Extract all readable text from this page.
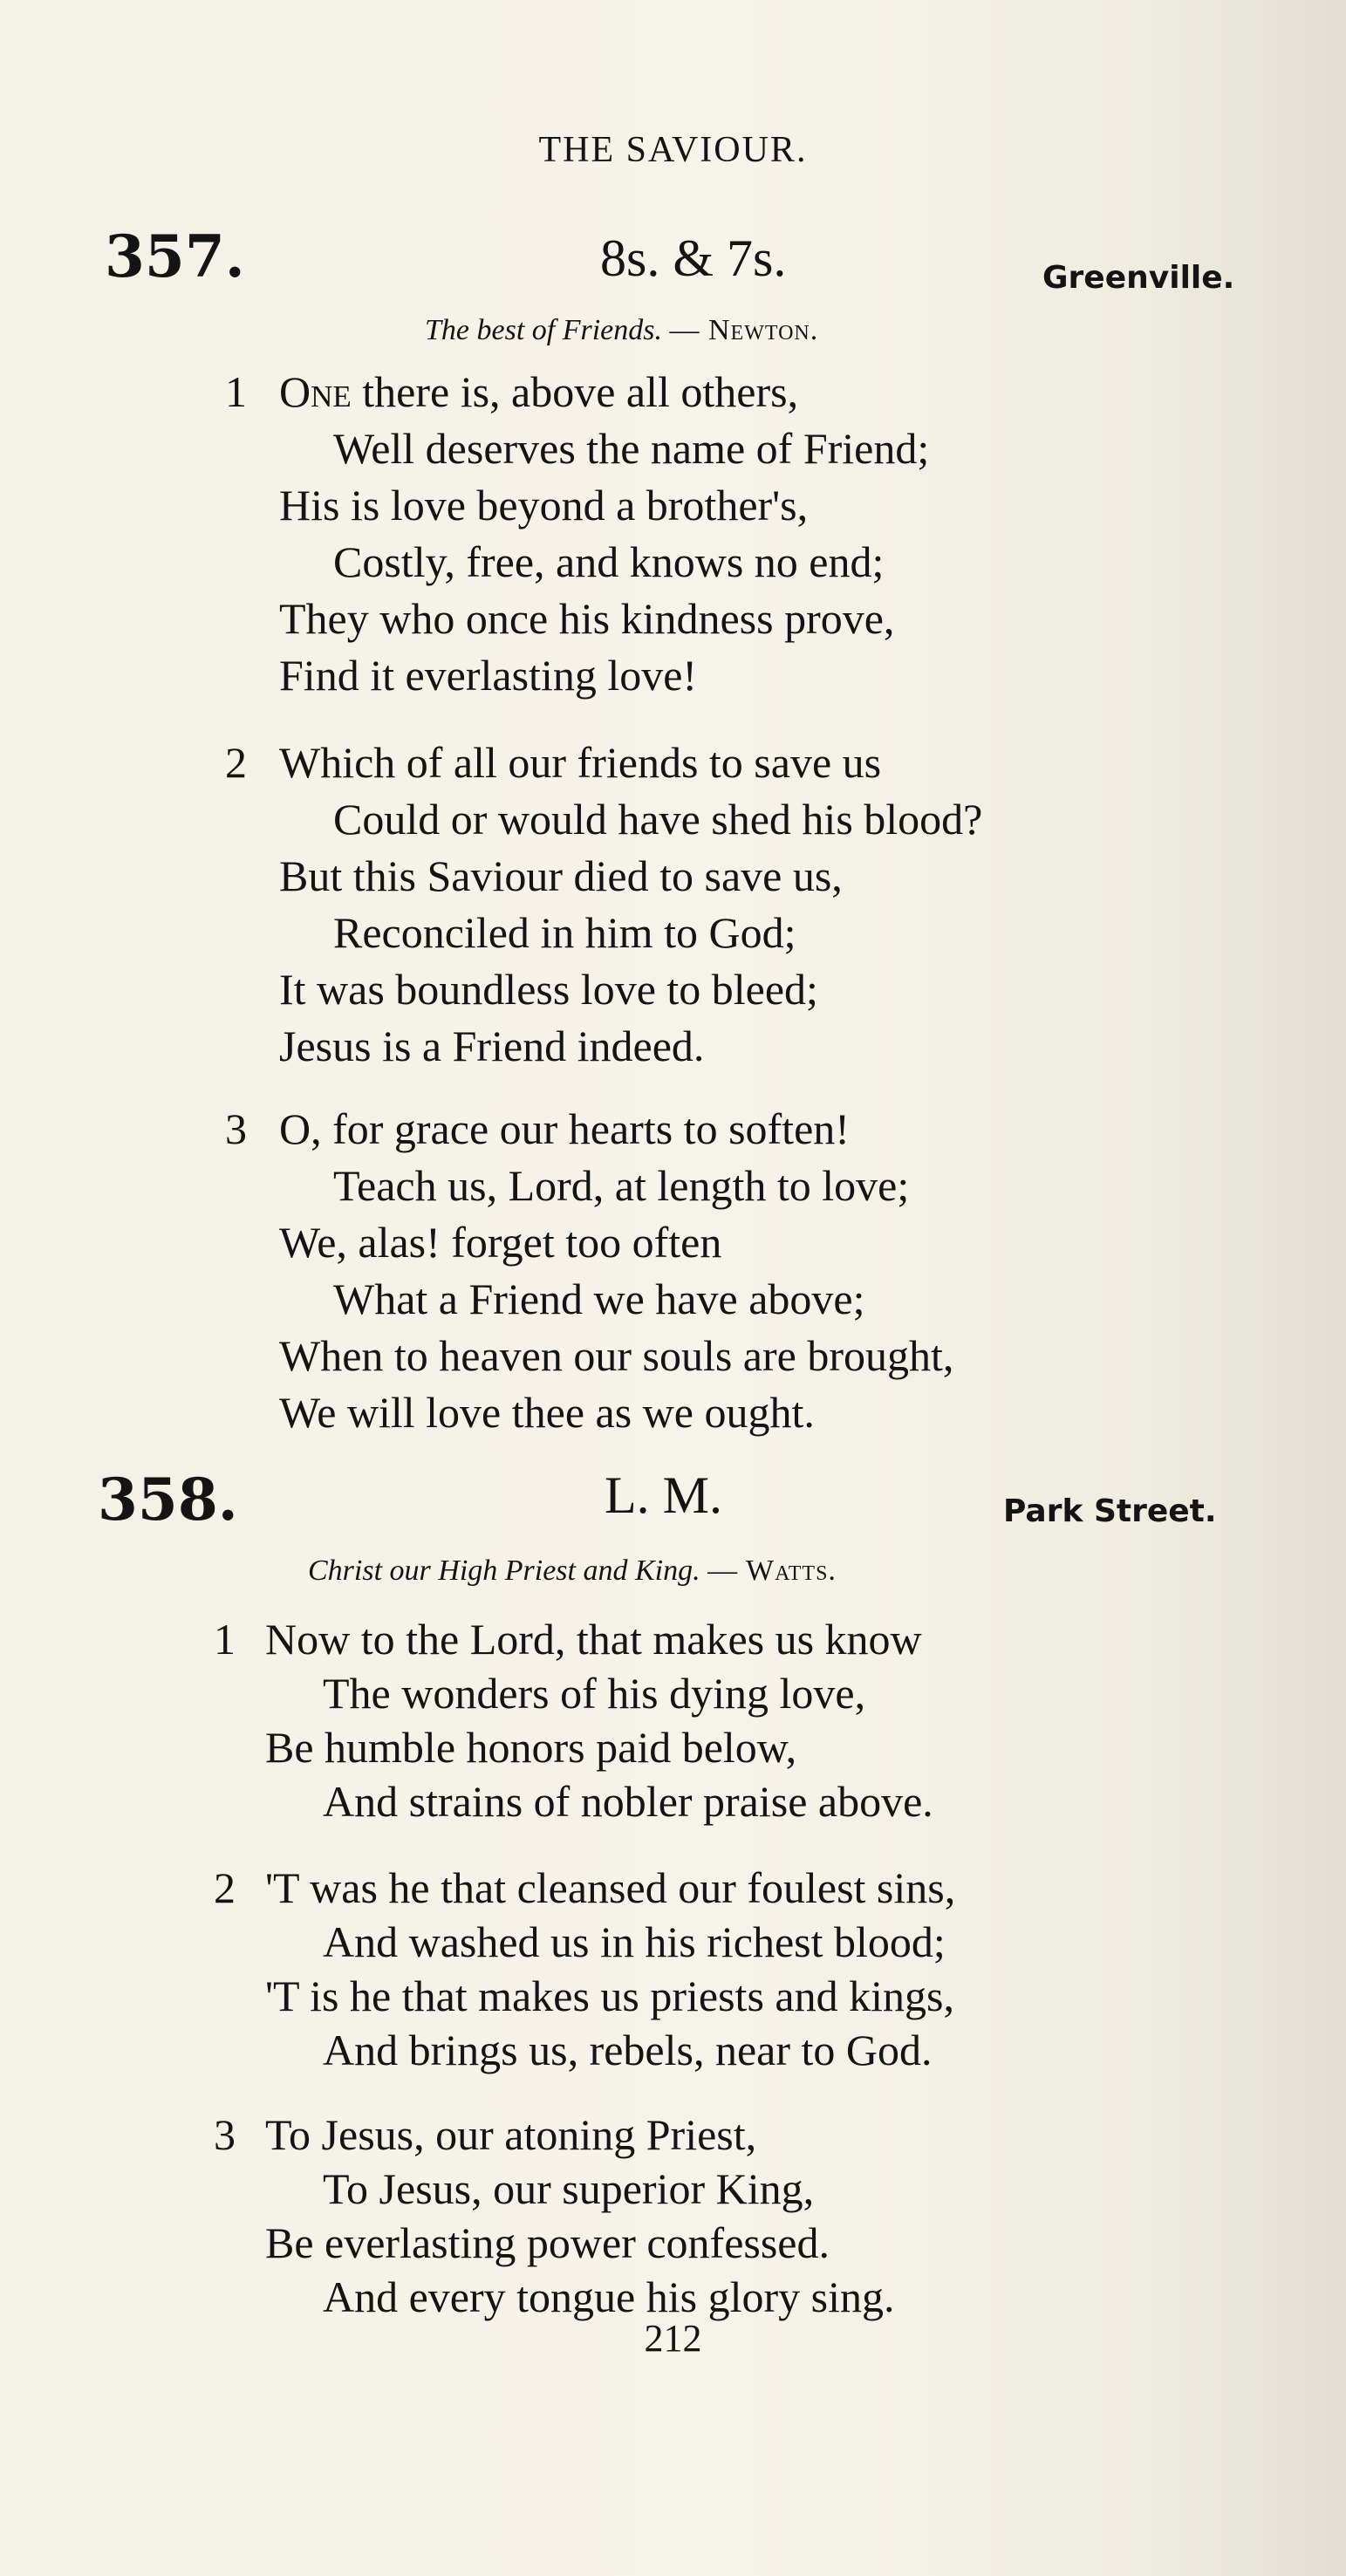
THE SAVIOUR.
357.	8s. & 7s.	Greenville.
The best of Friends. — Newton.
1 One there is, above all others,
Well deserves the name of Friend;
His is love beyond a brother's,
Costly, free, and knows no end;
They who once his kindness prove,
Find it everlasting love!
2 Which of all our friends to save us
Could or would have shed his blood?
But this Saviour died to save us,
Reconciled in him to God;
It was boundless love to bleed;
Jesus is a Friend indeed.
3 O, for grace our hearts to soften!
Teach us, Lord, at length to love;
We, alas! forget too often
What a Friend we have above;
When to heaven our souls are brought,
We will love thee as we ought.
358.	L. M.	Park Street.
Christ our High Priest and King. — Watts.
1 Now to the Lord, that makes us know
The wonders of his dying love,
Be humble honors paid below,
And strains of nobler praise above.
2 'T was he that cleansed our foulest sins,
And washed us in his richest blood;
'T is he that makes us priests and kings,
And brings us, rebels, near to God.
3 To Jesus, our atoning Priest,
To Jesus, our superior King,
Be everlasting power confessed.
And every tongue his glory sing.
212
